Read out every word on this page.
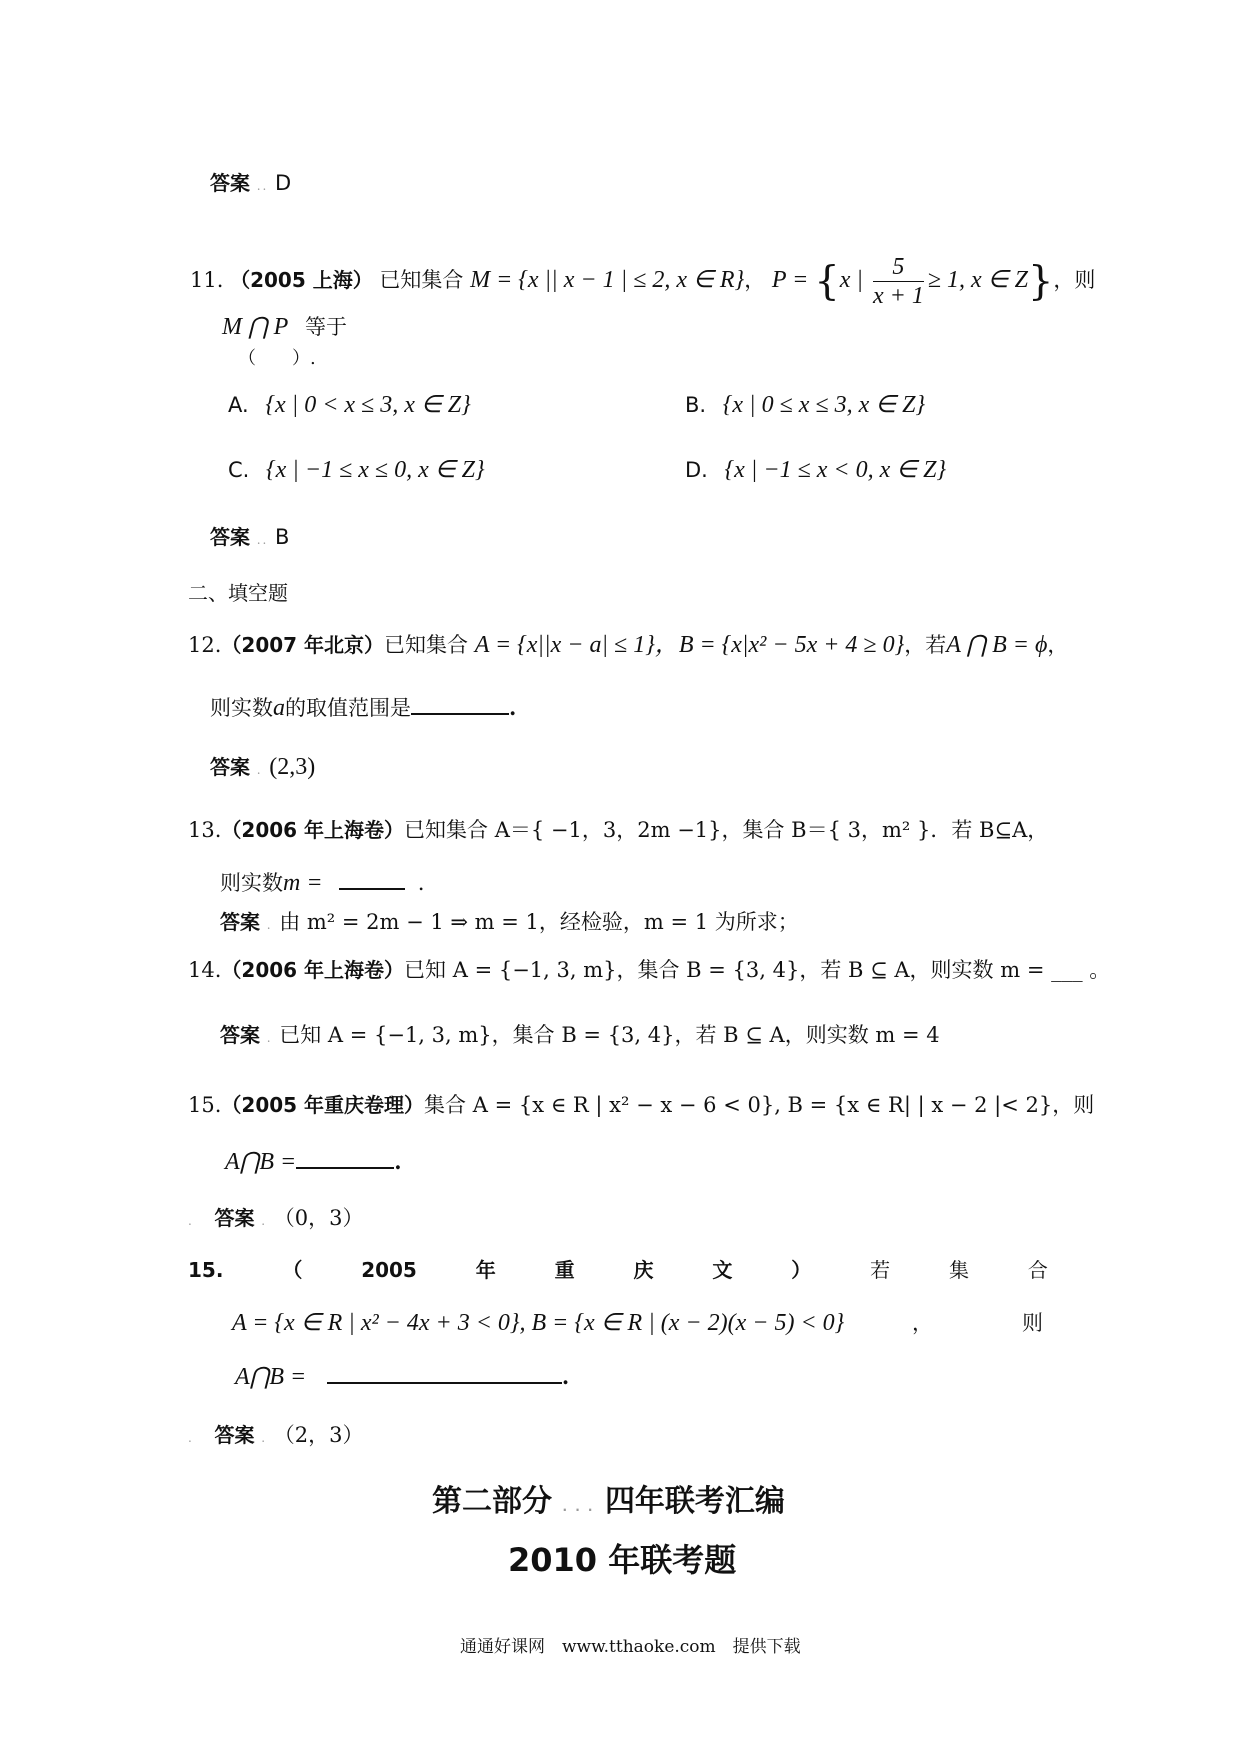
答案 .. D
11. （2005 上海） 已知集合 M = {x || x − 1 | ≤ 2, x ∈ R}， P = {x | $\frac{5}{x + 1} \ge 1$, x ∈ Z}，则
M ⋂ P 等于
（　　）.
A. {x | 0 < x ≤ 3, x ∈ Z}	B. {x | 0 ≤ x ≤ 3, x ∈ Z}
C. {x | −1 ≤ x ≤ 0, x ∈ Z}	D. {x | −1 ≤ x < 0, x ∈ Z}
答案 .. B
二、填空题
12.（2007 年北京）已知集合 A = {x||x − a| ≤ 1}，B = {x|x² − 5x + 4 ≥ 0}，若A ⋂ B = ϕ，
则实数a的取值范围是	.
答案 . (2,3)
13.（2006 年上海卷）已知集合 A＝{ −1，3，2m −1}，集合 B＝{ 3，m² }．若 B⊆A，
则实数m =	．
答案 . 由 m² = 2m − 1 ⇒ m = 1，经检验，m = 1 为所求；
14.（2006 年上海卷）已知 A = {−1, 3, m}，集合 B = {3, 4}，若 B ⊆ A，则实数 m = ___ 。
答案 . 已知 A = {−1, 3, m}，集合 B = {3, 4}，若 B ⊆ A，则实数 m = 4
15.（2005 年重庆卷理）集合 A = {x ∈ R | x² − x − 6 < 0}, B = {x ∈ R| | x − 2 |< 2}，则
A⋂B =	.
. 答案 . （0，3）
15.	（	2005	年	重	庆	文	）	若	集	合
A = {x ∈ R | x² − 4x + 3 < 0}, B = {x ∈ R | (x − 2)(x − 5) < 0}	，	则
A⋂B =	.
. 答案 . （2，3）
第二部分 . . . 四年联考汇编
2010 年联考题
通通好课网　www.tthaoke.com　提供下载
